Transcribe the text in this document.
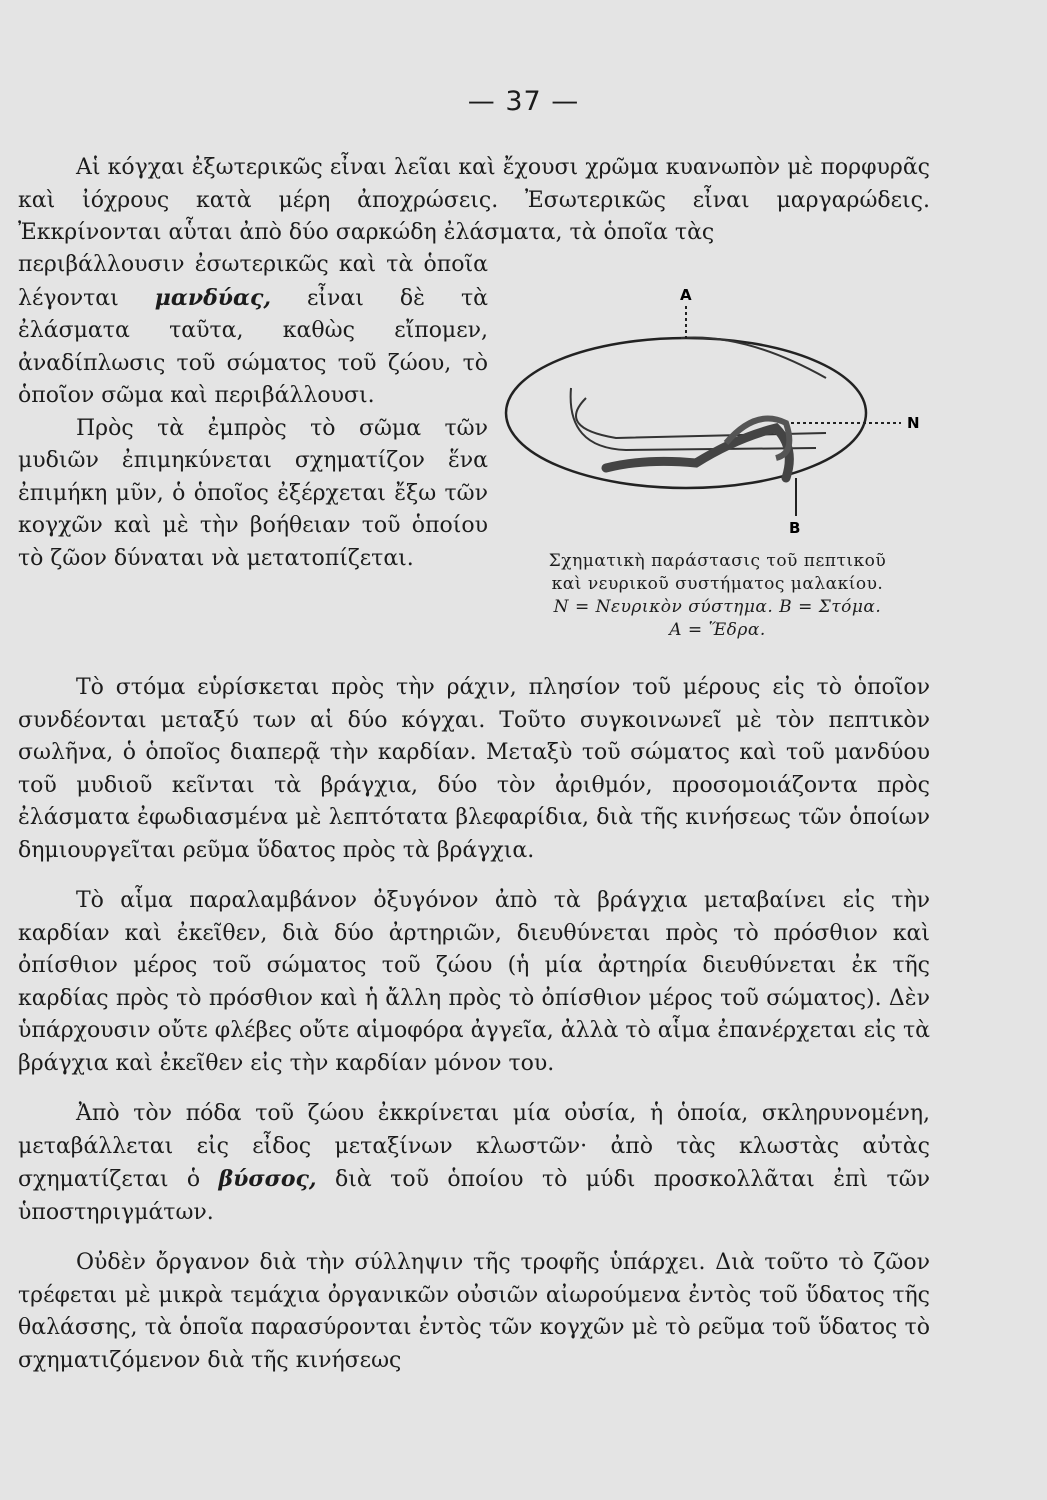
— 37 —

Αἱ κόγχαι ἐξωτερικῶς εἶναι λεῖαι καὶ ἔχουσι χρῶμα κυανωπὸν μὲ πορφυρᾶς καὶ ἰόχρους κατὰ μέρη ἀποχρώσεις. Ἐσωτερικῶς εἶναι μαργαρώδεις. Ἐκκρίνονται αὗται ἀπὸ δύο σαρκώδη ἐλάσματα, τὰ ὁποῖα τὰς

περιβάλλουσιν ἐσωτερικῶς καὶ τὰ ὁποῖα λέγονται μανδύας, εἶναι δὲ τὰ ἐλάσματα ταῦτα, καθὼς εἴπομεν, ἀναδίπλωσις τοῦ σώματος τοῦ ζώου, τὸ ὁποῖον σῶμα καὶ περιβάλλουσι.

Πρὸς τὰ ἐμπρὸς τὸ σῶμα τῶν μυδιῶν ἐπιμηκύνεται σχηματίζον ἕνα ἐπιμήκη μῦν, ὁ ὁποῖος ἐξέρχεται ἔξω τῶν κογχῶν καὶ μὲ τὴν βοήθειαν τοῦ ὁποίου τὸ ζῶον δύναται νὰ μετατοπίζεται.

A
N
B
Σχηματικὴ παράστασις τοῦ πεπτικοῦ
καὶ νευρικοῦ συστήματος μαλακίου.
N = Νευρικὸν σύστημα. B = Στόμα.
A = Ἕδρα.

Τὸ στόμα εὑρίσκεται πρὸς τὴν ράχιν, πλησίον τοῦ μέρους εἰς τὸ ὁποῖον συνδέονται μεταξύ των αἱ δύο κόγχαι. Τοῦτο συγκοινωνεῖ μὲ τὸν πεπτικὸν σωλῆνα, ὁ ὁποῖος διαπερᾷ τὴν καρδίαν. Μεταξὺ τοῦ σώματος καὶ τοῦ μανδύου τοῦ μυδιοῦ κεῖνται τὰ βράγχια, δύο τὸν ἀριθμόν, προσομοιάζοντα πρὸς ἐλάσματα ἐφωδιασμένα μὲ λεπτότατα βλεφαρίδια, διὰ τῆς κινήσεως τῶν ὁποίων δημιουργεῖται ρεῦμα ὕδατος πρὸς τὰ βράγχια.

Τὸ αἷμα παραλαμβάνον ὀξυγόνον ἀπὸ τὰ βράγχια μεταβαίνει εἰς τὴν καρδίαν καὶ ἐκεῖθεν, διὰ δύο ἀρτηριῶν, διευθύνεται πρὸς τὸ πρόσθιον καὶ ὀπίσθιον μέρος τοῦ σώματος τοῦ ζώου (ἡ μία ἀρτηρία διευθύνεται ἐκ τῆς καρδίας πρὸς τὸ πρόσθιον καὶ ἡ ἄλλη πρὸς τὸ ὀπίσθιον μέρος τοῦ σώματος). Δὲν ὑπάρχουσιν οὔτε φλέβες οὔτε αἱμοφόρα ἀγγεῖα, ἀλλὰ τὸ αἷμα ἐπανέρχεται εἰς τὰ βράγχια καὶ ἐκεῖθεν εἰς τὴν καρδίαν μόνον του.

Ἀπὸ τὸν πόδα τοῦ ζώου ἐκκρίνεται μία οὐσία, ἡ ὁποία, σκληρυνομένη, μεταβάλλεται εἰς εἶδος μεταξίνων κλωστῶν· ἀπὸ τὰς κλωστὰς αὐτὰς σχηματίζεται ὁ βύσσος, διὰ τοῦ ὁποίου τὸ μύδι προσκολλᾶται ἐπὶ τῶν ὑποστηριγμάτων.

Οὐδὲν ὄργανον διὰ τὴν σύλληψιν τῆς τροφῆς ὑπάρχει. Διὰ τοῦτο τὸ ζῶον τρέφεται μὲ μικρὰ τεμάχια ὀργανικῶν οὐσιῶν αἰωρούμενα ἐντὸς τοῦ ὕδατος τῆς θαλάσσης, τὰ ὁποῖα παρασύρονται ἐντὸς τῶν κογχῶν μὲ τὸ ρεῦμα τοῦ ὕδατος τὸ σχηματιζόμενον διὰ τῆς κινήσεως
